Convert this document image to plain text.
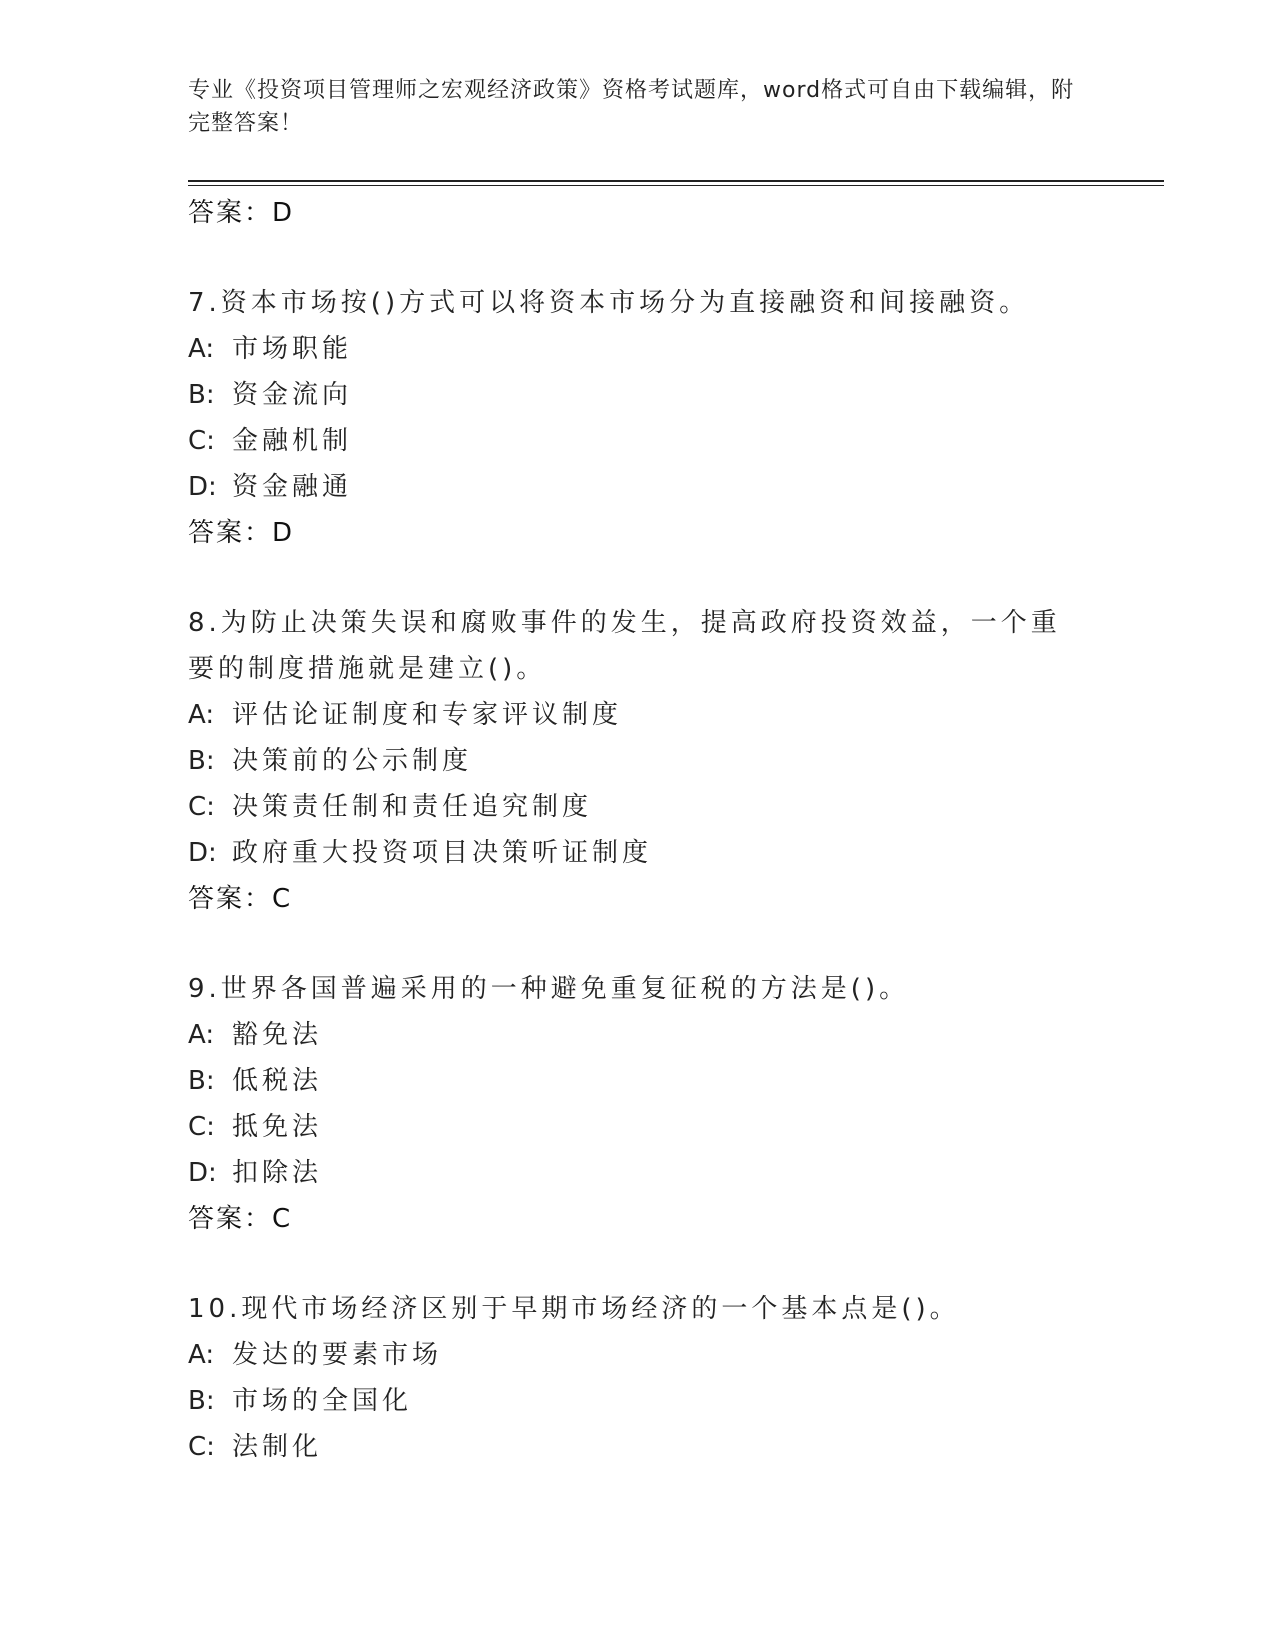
专业《投资项目管理师之宏观经济政策》资格考试题库，word格式可自由下载编辑，附完整答案！
答案：D
7.资本市场按()方式可以将资本市场分为直接融资和间接融资。
A: 市场职能
B: 资金流向
C: 金融机制
D: 资金融通
答案：D
8.为防止决策失误和腐败事件的发生，提高政府投资效益，一个重要的制度措施就是建立()。
A: 评估论证制度和专家评议制度
B: 决策前的公示制度
C: 决策责任制和责任追究制度
D: 政府重大投资项目决策听证制度
答案：C
9.世界各国普遍采用的一种避免重复征税的方法是()。
A: 豁免法
B: 低税法
C: 抵免法
D: 扣除法
答案：C
10.现代市场经济区别于早期市场经济的一个基本点是()。
A: 发达的要素市场
B: 市场的全国化
C: 法制化
